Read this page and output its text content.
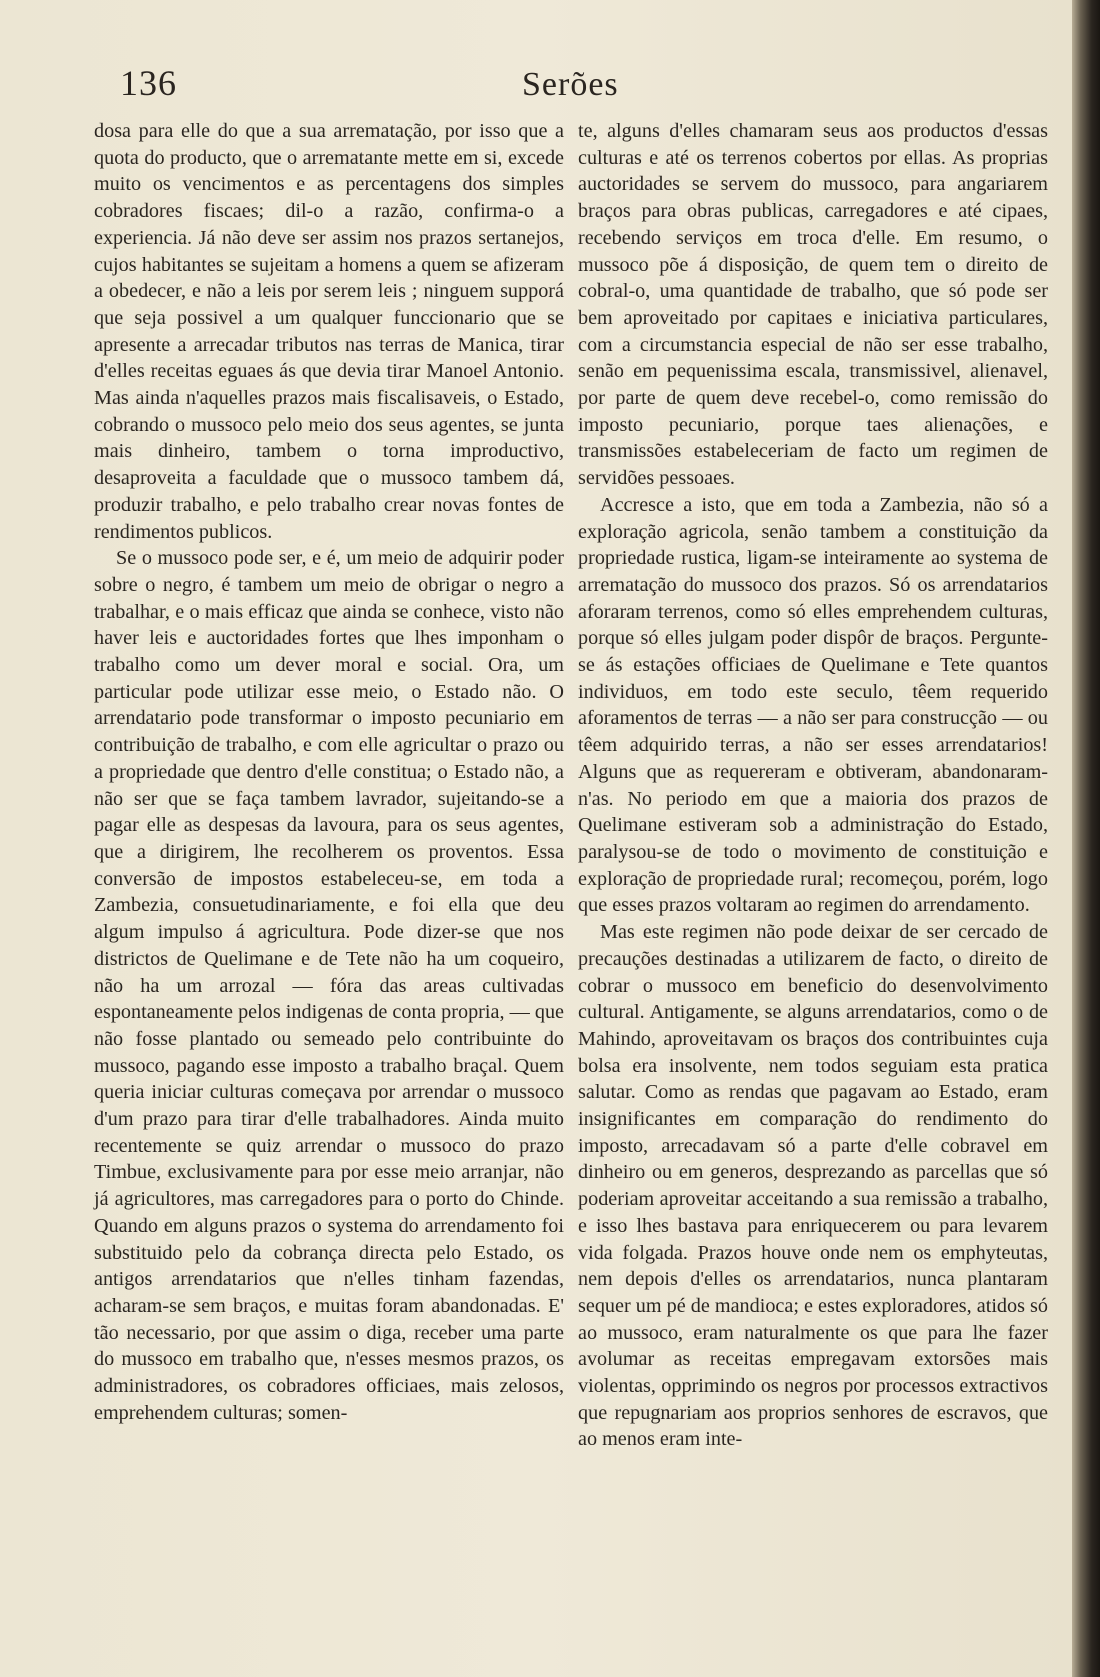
136	Serões

dosa para elle do que a sua arrematação, por isso que a quota do producto, que o arrematante mette em si, excede muito os vencimentos e as percentagens dos simples cobradores fiscaes; dil-o a razão, confirma-o a experiencia. Já não deve ser assim nos prazos sertanejos, cujos habitantes se sujeitam a homens a quem se afizeram a obedecer, e não a leis por serem leis ; ninguem supporá que seja possivel a um qualquer funccionario que se apresente a arrecadar tributos nas terras de Manica, tirar d'elles receitas eguaes ás que devia tirar Manoel Antonio. Mas ainda n'aquelles prazos mais fiscalisaveis, o Estado, cobrando o mussoco pelo meio dos seus agentes, se junta mais dinheiro, tambem o torna improductivo, desaproveita a faculdade que o mussoco tambem dá, produzir trabalho, e pelo trabalho crear novas fontes de rendimentos publicos.

Se o mussoco pode ser, e é, um meio de adquirir poder sobre o negro, é tambem um meio de obrigar o negro a trabalhar, e o mais efficaz que ainda se conhece, visto não haver leis e auctoridades fortes que lhes imponham o trabalho como um dever moral e social. Ora, um particular pode utilizar esse meio, o Estado não. O arrendatario pode transformar o imposto pecuniario em contribuição de trabalho, e com elle agricultar o prazo ou a propriedade que dentro d'elle constitua; o Estado não, a não ser que se faça tambem lavrador, sujeitando-se a pagar elle as despesas da lavoura, para os seus agentes, que a dirigirem, lhe recolherem os proventos. Essa conversão de impostos estabeleceu-se, em toda a Zambezia, consuetudinariamente, e foi ella que deu algum impulso á agricultura. Pode dizer-se que nos districtos de Quelimane e de Tete não ha um coqueiro, não ha um arrozal — fóra das areas cultivadas espontaneamente pelos indigenas de conta propria, — que não fosse plantado ou semeado pelo contribuinte do mussoco, pagando esse imposto a trabalho braçal. Quem queria iniciar culturas começava por arrendar o mussoco d'um prazo para tirar d'elle trabalhadores. Ainda muito recentemente se quiz arrendar o mussoco do prazo Timbue, exclusivamente para por esse meio arranjar, não já agricultores, mas carregadores para o porto do Chinde. Quando em alguns prazos o systema do arrendamento foi substituido pelo da cobrança directa pelo Estado, os antigos arrendatarios que n'elles tinham fazendas, acharam-se sem braços, e muitas foram abandonadas. E' tão necessario, por que assim o diga, receber uma parte do mussoco em trabalho que, n'esses mesmos prazos, os administradores, os cobradores officiaes, mais zelosos, emprehendem culturas; somen-

te, alguns d'elles chamaram seus aos productos d'essas culturas e até os terrenos cobertos por ellas. As proprias auctoridades se servem do mussoco, para angariarem braços para obras publicas, carregadores e até cipaes, recebendo serviços em troca d'elle. Em resumo, o mussoco põe á disposição, de quem tem o direito de cobral-o, uma quantidade de trabalho, que só pode ser bem aproveitado por capitaes e iniciativa particulares, com a circumstancia especial de não ser esse trabalho, senão em pequenissima escala, transmissivel, alienavel, por parte de quem deve recebel-o, como remissão do imposto pecuniario, porque taes alienações, e transmissões estabeleceriam de facto um regimen de servidões pessoaes.

Accresce a isto, que em toda a Zambezia, não só a exploração agricola, senão tambem a constituição da propriedade rustica, ligam-se inteiramente ao systema de arrematação do mussoco dos prazos. Só os arrendatarios aforaram terrenos, como só elles emprehendem culturas, porque só elles julgam poder dispôr de braços. Pergunte-se ás estações officiaes de Quelimane e Tete quantos individuos, em todo este seculo, têem requerido aforamentos de terras — a não ser para construcção — ou têem adquirido terras, a não ser esses arrendatarios! Alguns que as requereram e obtiveram, abandonaram-n'as. No periodo em que a maioria dos prazos de Quelimane estiveram sob a administração do Estado, paralysou-se de todo o movimento de constituição e exploração de propriedade rural; recomeçou, porém, logo que esses prazos voltaram ao regimen do arrendamento.

Mas este regimen não pode deixar de ser cercado de precauções destinadas a utilizarem de facto, o direito de cobrar o mussoco em beneficio do desenvolvimento cultural. Antigamente, se alguns arrendatarios, como o de Mahindo, aproveitavam os braços dos contribuintes cuja bolsa era insolvente, nem todos seguiam esta pratica salutar. Como as rendas que pagavam ao Estado, eram insignificantes em comparação do rendimento do imposto, arrecadavam só a parte d'elle cobravel em dinheiro ou em generos, desprezando as parcellas que só poderiam aproveitar acceitando a sua remissão a trabalho, e isso lhes bastava para enriquecerem ou para levarem vida folgada. Prazos houve onde nem os emphyteutas, nem depois d'elles os arrendatarios, nunca plantaram sequer um pé de mandioca; e estes exploradores, atidos só ao mussoco, eram naturalmente os que para lhe fazer avolumar as receitas empregavam extorsões mais violentas, opprimindo os negros por processos extractivos que repugnariam aos proprios senhores de escravos, que ao menos eram inte-
